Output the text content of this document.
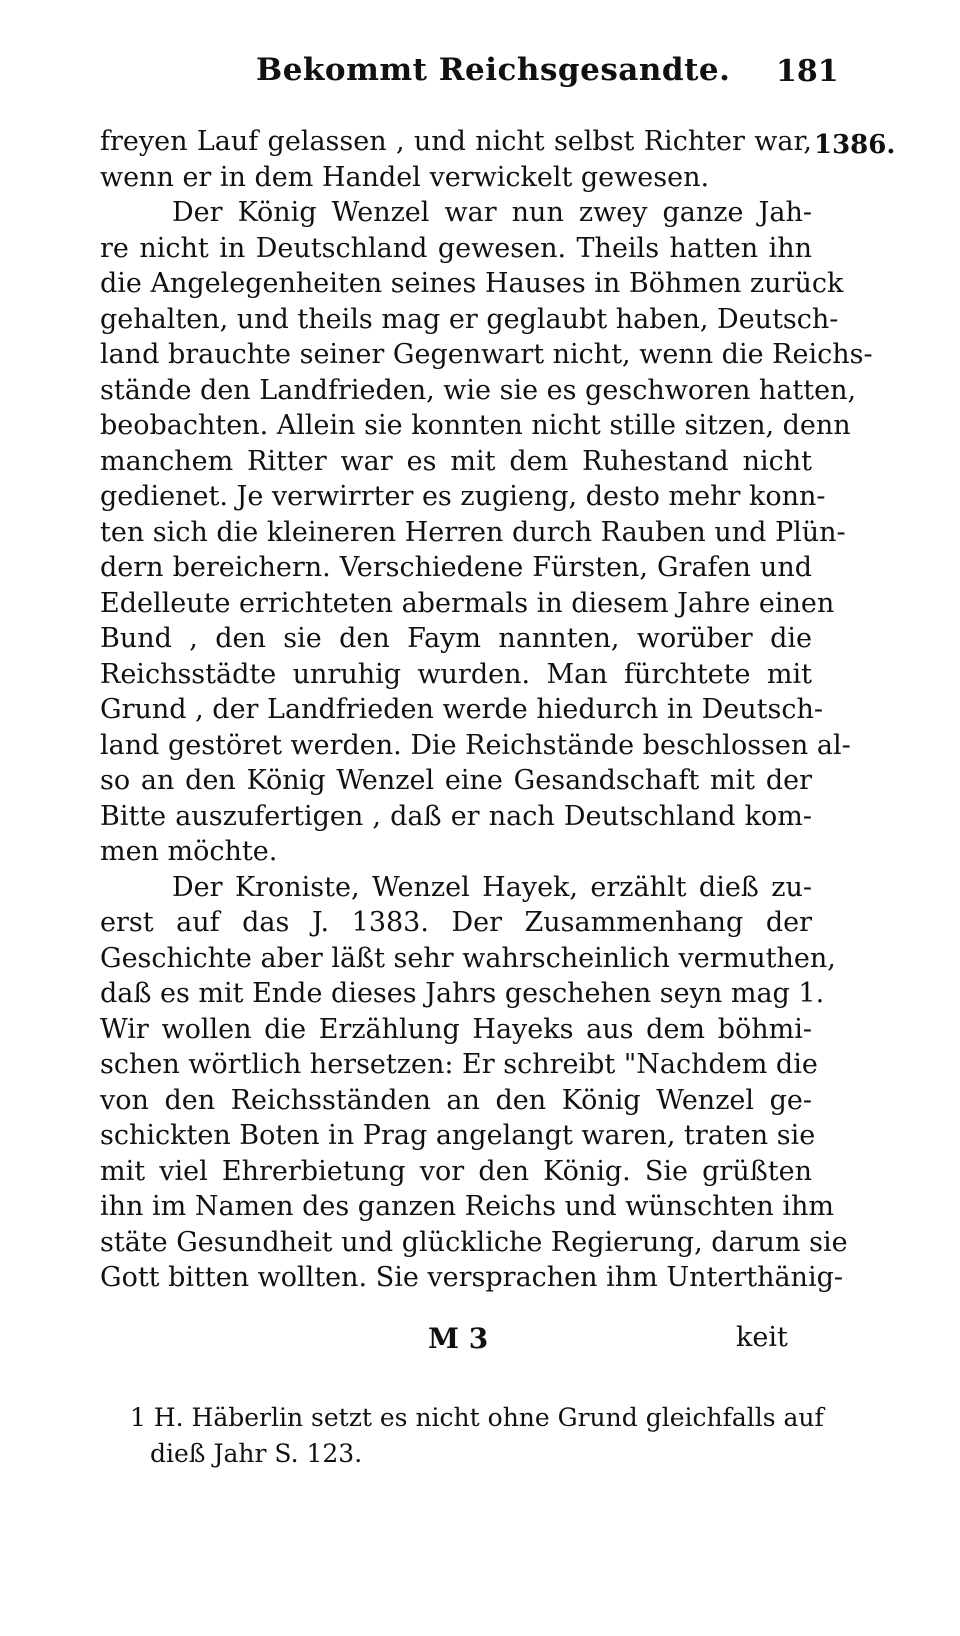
Bekommt Reichsgesandte. 181
1386.
freyen Lauf gelassen , und nicht selbst Richter war,
wenn er in dem Handel verwickelt gewesen.
Der König Wenzel war nun zwey ganze Jah-
re nicht in Deutschland gewesen. Theils hatten ihn
die Angelegenheiten seines Hauses in Böhmen zurück
gehalten, und theils mag er geglaubt haben, Deutsch-
land brauchte seiner Gegenwart nicht, wenn die Reichs-
stände den Landfrieden, wie sie es geschworen hatten,
beobachten. Allein sie konnten nicht stille sitzen, denn
manchem Ritter war es mit dem Ruhestand nicht
gedienet. Je verwirrter es zugieng, desto mehr konn-
ten sich die kleineren Herren durch Rauben und Plün-
dern bereichern. Verschiedene Fürsten, Grafen und
Edelleute errichteten abermals in diesem Jahre einen
Bund , den sie den Faym nannten, worüber die
Reichsstädte unruhig wurden. Man fürchtete mit
Grund , der Landfrieden werde hiedurch in Deutsch-
land gestöret werden. Die Reichstände beschlossen al-
so an den König Wenzel eine Gesandschaft mit der
Bitte auszufertigen , daß er nach Deutschland kom-
men möchte.
Der Kroniste, Wenzel Hayek, erzählt dieß zu-
erst auf das J. 1383. Der Zusammenhang der
Geschichte aber läßt sehr wahrscheinlich vermuthen,
daß es mit Ende dieses Jahrs geschehen seyn mag 1.
Wir wollen die Erzählung Hayeks aus dem böhmi-
schen wörtlich hersetzen: Er schreibt "Nachdem die
von den Reichsständen an den König Wenzel ge-
schickten Boten in Prag angelangt waren, traten sie
mit viel Ehrerbietung vor den König. Sie grüßten
ihn im Namen des ganzen Reichs und wünschten ihm
stäte Gesundheit und glückliche Regierung, darum sie
Gott bitten wollten. Sie versprachen ihm Unterthänig-
M 3	keit
1 H. Häberlin setzt es nicht ohne Grund gleichfalls auf
dieß Jahr S. 123.
